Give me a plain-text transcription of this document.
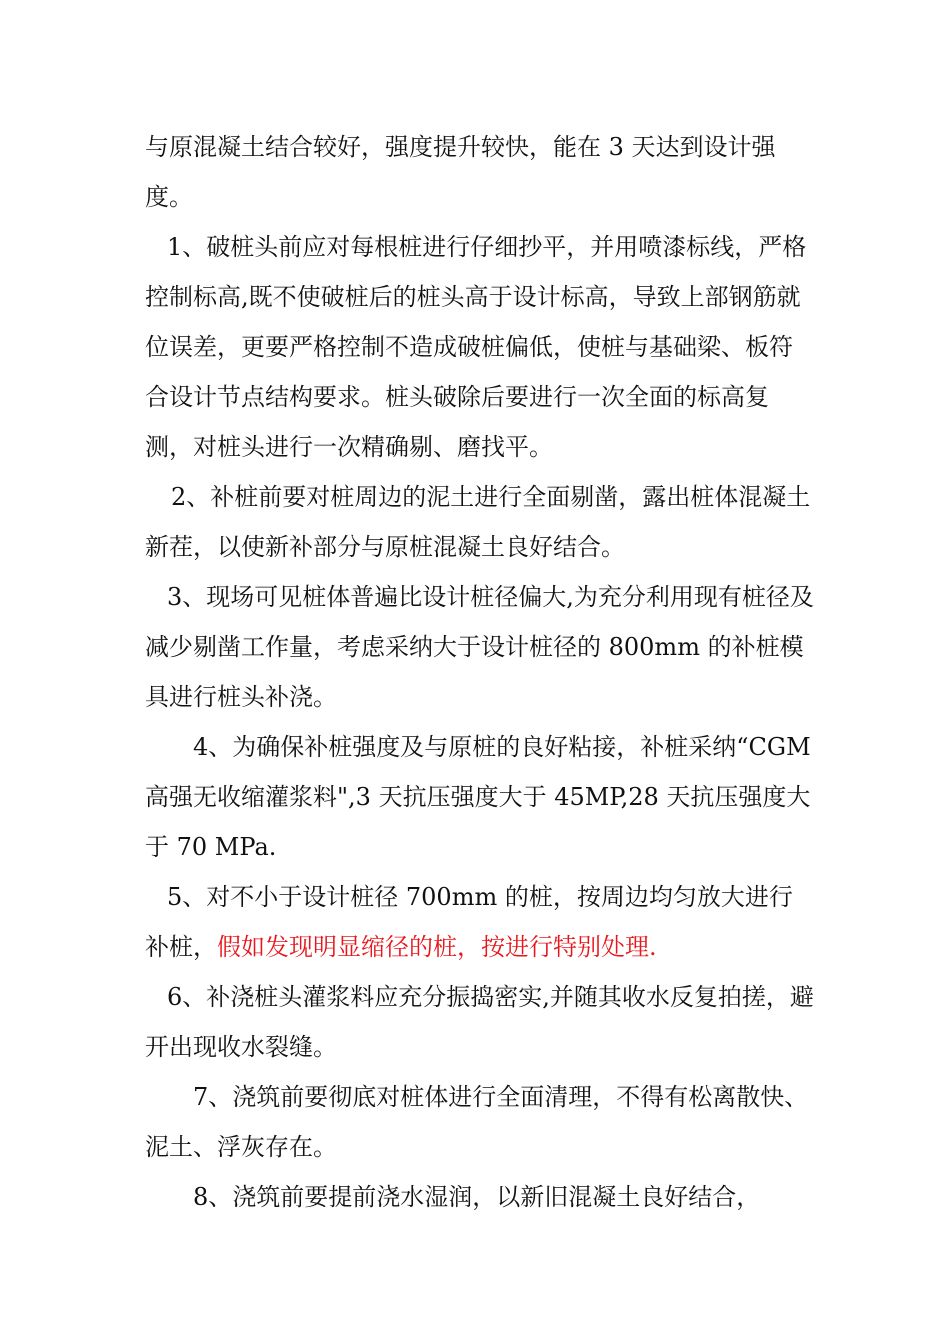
与原混凝土结合较好，强度提升较快，能在 3 天达到设计强度。

1、破桩头前应对每根桩进行仔细抄平，并用喷漆标线，严格控制标高,既不使破桩后的桩头高于设计标高，导致上部钢筋就位误差，更要严格控制不造成破桩偏低，使桩与基础梁、板符合设计节点结构要求。桩头破除后要进行一次全面的标高复测，对桩头进行一次精确剔、磨找平。

2、补桩前要对桩周边的泥土进行全面剔凿，露出桩体混凝土新茬，以使新补部分与原桩混凝土良好结合。

3、现场可见桩体普遍比设计桩径偏大,为充分利用现有桩径及减少剔凿工作量，考虑采纳大于设计桩径的 800mm 的补桩模具进行桩头补浇。

4、为确保补桩强度及与原桩的良好粘接，补桩采纳“CGM 高强无收缩灌浆料",3 天抗压强度大于 45MP,28 天抗压强度大于 70 MPa.

5、对不小于设计桩径 700mm 的桩，按周边均匀放大进行补桩，假如发现明显缩径的桩，按进行特别处理.

6、补浇桩头灌浆料应充分振捣密实,并随其收水反复拍搓，避开出现收水裂缝。

7、浇筑前要彻底对桩体进行全面清理，不得有松离散快、泥土、浮灰存在。

8、浇筑前要提前浇水湿润，以新旧混凝土良好结合，
